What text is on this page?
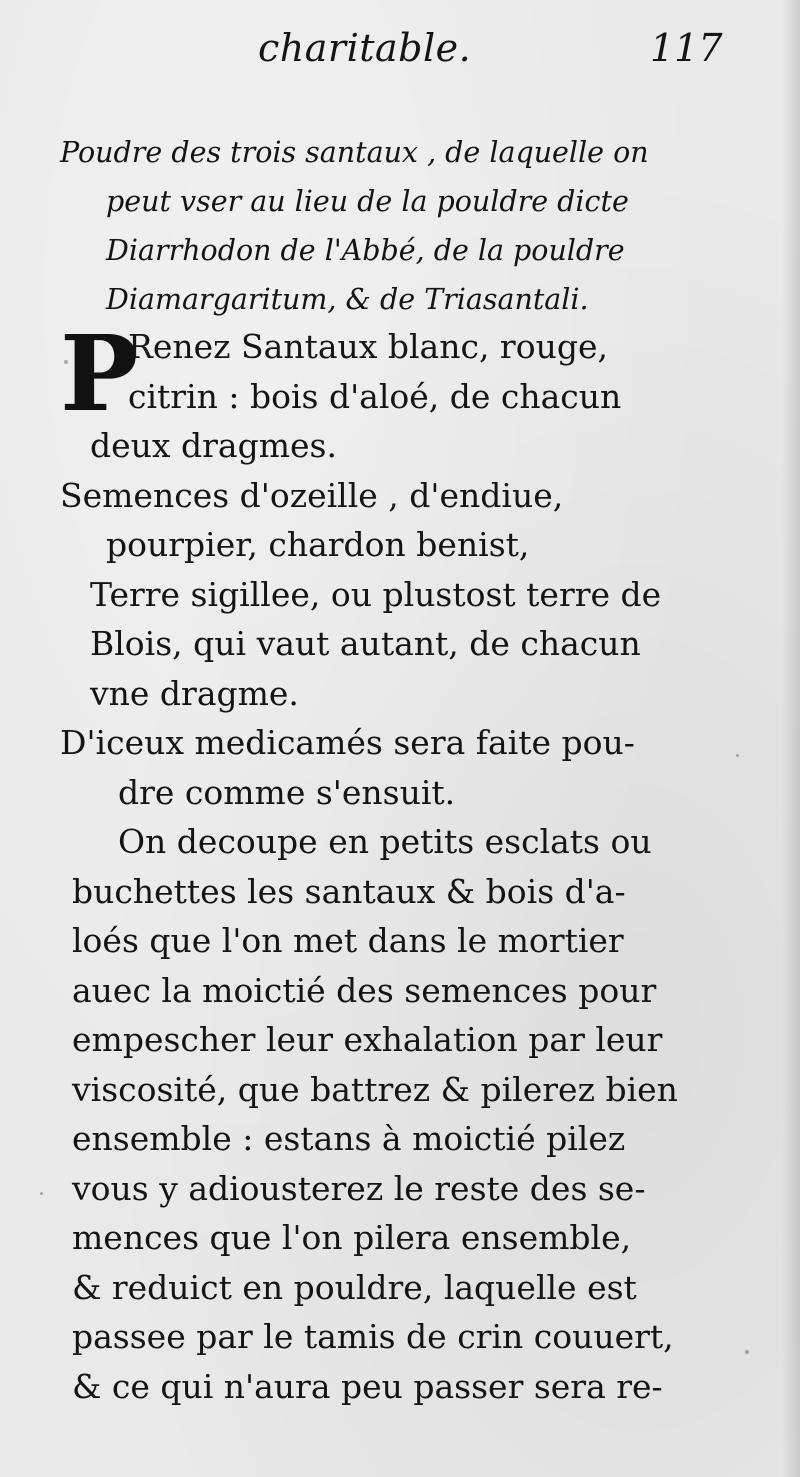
charitable.	117
Poudre des trois santaux , de laquelle on
peut vser au lieu de la pouldre dicte
Diarrhodon de l'Abbé, de la pouldre
Diamargaritum, & de Triasantali.
P
Renez Santaux blanc, rouge,
citrin : bois d'aloé, de chacun
deux dragmes.
Semences d'ozeille , d'endiue,
pourpier, chardon benist,
Terre sigillee, ou plustost terre de
Blois, qui vaut autant, de chacun
vne dragme.
D'iceux medicamés sera faite pou-
dre comme s'ensuit.
On decoupe en petits esclats ou
buchettes les santaux & bois d'a-
loés que l'on met dans le mortier
auec la moictié des semences pour
empescher leur exhalation par leur
viscosité, que battrez & pilerez bien
ensemble : estans à moictié pilez
vous y adiousterez le reste des se-
mences que l'on pilera ensemble,
& reduict en pouldre, laquelle est
passee par le tamis de crin couuert,
& ce qui n'aura peu passer sera re-
